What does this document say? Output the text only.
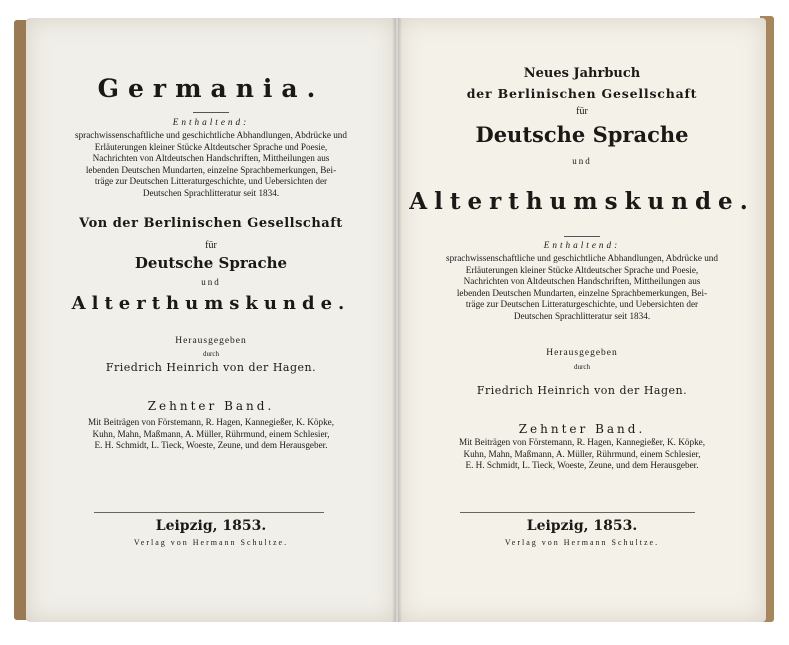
Germania.
Enthaltend:
sprachwissenschaftliche und geschichtliche Abhandlungen, Abdrücke und
Erläuterungen kleiner Stücke Altdeutscher Sprache und Poesie,
Nachrichten von Altdeutschen Handschriften, Mittheilungen aus
lebenden Deutschen Mundarten, einzelne Sprachbemerkungen, Bei-
träge zur Deutschen Litteraturgeschichte, und Uebersichten der
Deutschen Sprachlitteratur seit 1834.
Von der Berlinischen Gesellschaft
für
Deutsche Sprache
und
Alterthumskunde.
Herausgegeben
durch
Friedrich Heinrich von der Hagen.
Zehnter Band.
Mit Beiträgen von Förstemann, R. Hagen, Kannegießer, K. Köpke,
Kuhn, Mahn, Maßmann, A. Müller, Rührmund, einem Schlesier,
E. H. Schmidt, L. Tieck, Woeste, Zeune, und dem Herausgeber.
Leipzig, 1853.
Verlag von Hermann Schultze.
Neues Jahrbuch
der Berlinischen Gesellschaft
für
Deutsche Sprache
und
Alterthumskunde.
Enthaltend:
sprachwissenschaftliche und geschichtliche Abhandlungen, Abdrücke und
Erläuterungen kleiner Stücke Altdeutscher Sprache und Poesie,
Nachrichten von Altdeutschen Handschriften, Mittheilungen aus
lebenden Deutschen Mundarten, einzelne Sprachbemerkungen, Bei-
träge zur Deutschen Litteraturgeschichte, und Uebersichten der
Deutschen Sprachlitteratur seit 1834.
Herausgegeben
durch
Friedrich Heinrich von der Hagen.
Zehnter Band.
Mit Beiträgen von Förstemann, R. Hagen, Kannegießer, K. Köpke,
Kuhn, Mahn, Maßmann, A. Müller, Rührmund, einem Schlesier,
E. H. Schmidt, L. Tieck, Woeste, Zeune, und dem Herausgeber.
Leipzig, 1853.
Verlag von Hermann Schultze.
